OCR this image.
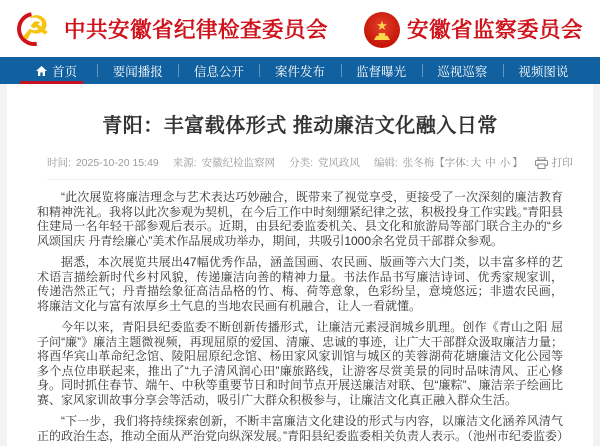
☭ 中共安徽省纪律检查委员会	★ 安徽省监察委员会
首页	要闻播报 信息公开 案件发布 监督曝光 巡视巡察 视频图说
青阳：丰富载体形式 推动廉洁文化融入日常
时间: 2025-10-20 15:49 来源: 安徽纪检监察网 分类: 党风政风 编辑: 张冬梅 【字体: 大 中 小 】	打印

“此次展览将廉洁理念与艺术表达巧妙融合，既带来了视觉享受，更接受了一次深刻的廉洁教育和精神洗礼。我将以此次参观为契机，在今后工作中时刻绷紧纪律之弦，积极投身工作实践。”青阳县住建局一名年轻干部参观后表示。近期，由县纪委监委机关、县文化和旅游局等部门联合主办的“乡风颂国庆 丹青绘廉心”美术作品展成功举办，期间，共吸引1000余名党员干部群众参观。

据悉，本次展览共展出47幅优秀作品，涵盖国画、农民画、版画等六大门类，以丰富多样的艺术语言描绘新时代乡村风貌，传递廉洁向善的精神力量。书法作品书写廉洁诗词、优秀家规家训，传递浩然正气；丹青描绘象征高洁品格的竹、梅、荷等意象，色彩纷呈，意境悠远；非遗农民画，将廉洁文化与富有浓厚乡土气息的当地农民画有机融合，让人一看就懂。

今年以来，青阳县纪委监委不断创新传播形式，让廉洁元素浸润城乡肌理。创作《青山之阳 屈子问“廉”》廉洁主题微视频，再现屈原的爱国、清廉、忠诚的事迹，让广大干部群众汲取廉洁力量；将酉华宾山革命纪念馆、陵阳屈原纪念馆、杨田家风家训馆与城区的芙蓉湖荷花塘廉洁文化公园等多个点位串联起来，推出了“九子清风润心田”廉旅路线，让游客尽赏美景的同时品味清风、正心修身。同时抓住春节、端午、中秋等重要节日和时间节点开展送廉洁对联、包“廉粽”、廉洁亲子绘画比赛、家风家训故事分享会等活动，吸引广大群众积极参与，让廉洁文化真正融入群众生活。

“下一步，我们将持续探索创新，不断丰富廉洁文化建设的形式与内容，以廉洁文化涵养风清气正的政治生态，推动全面从严治党向纵深发展。”青阳县纪委监委相关负责人表示。（池州市纪委监委）
